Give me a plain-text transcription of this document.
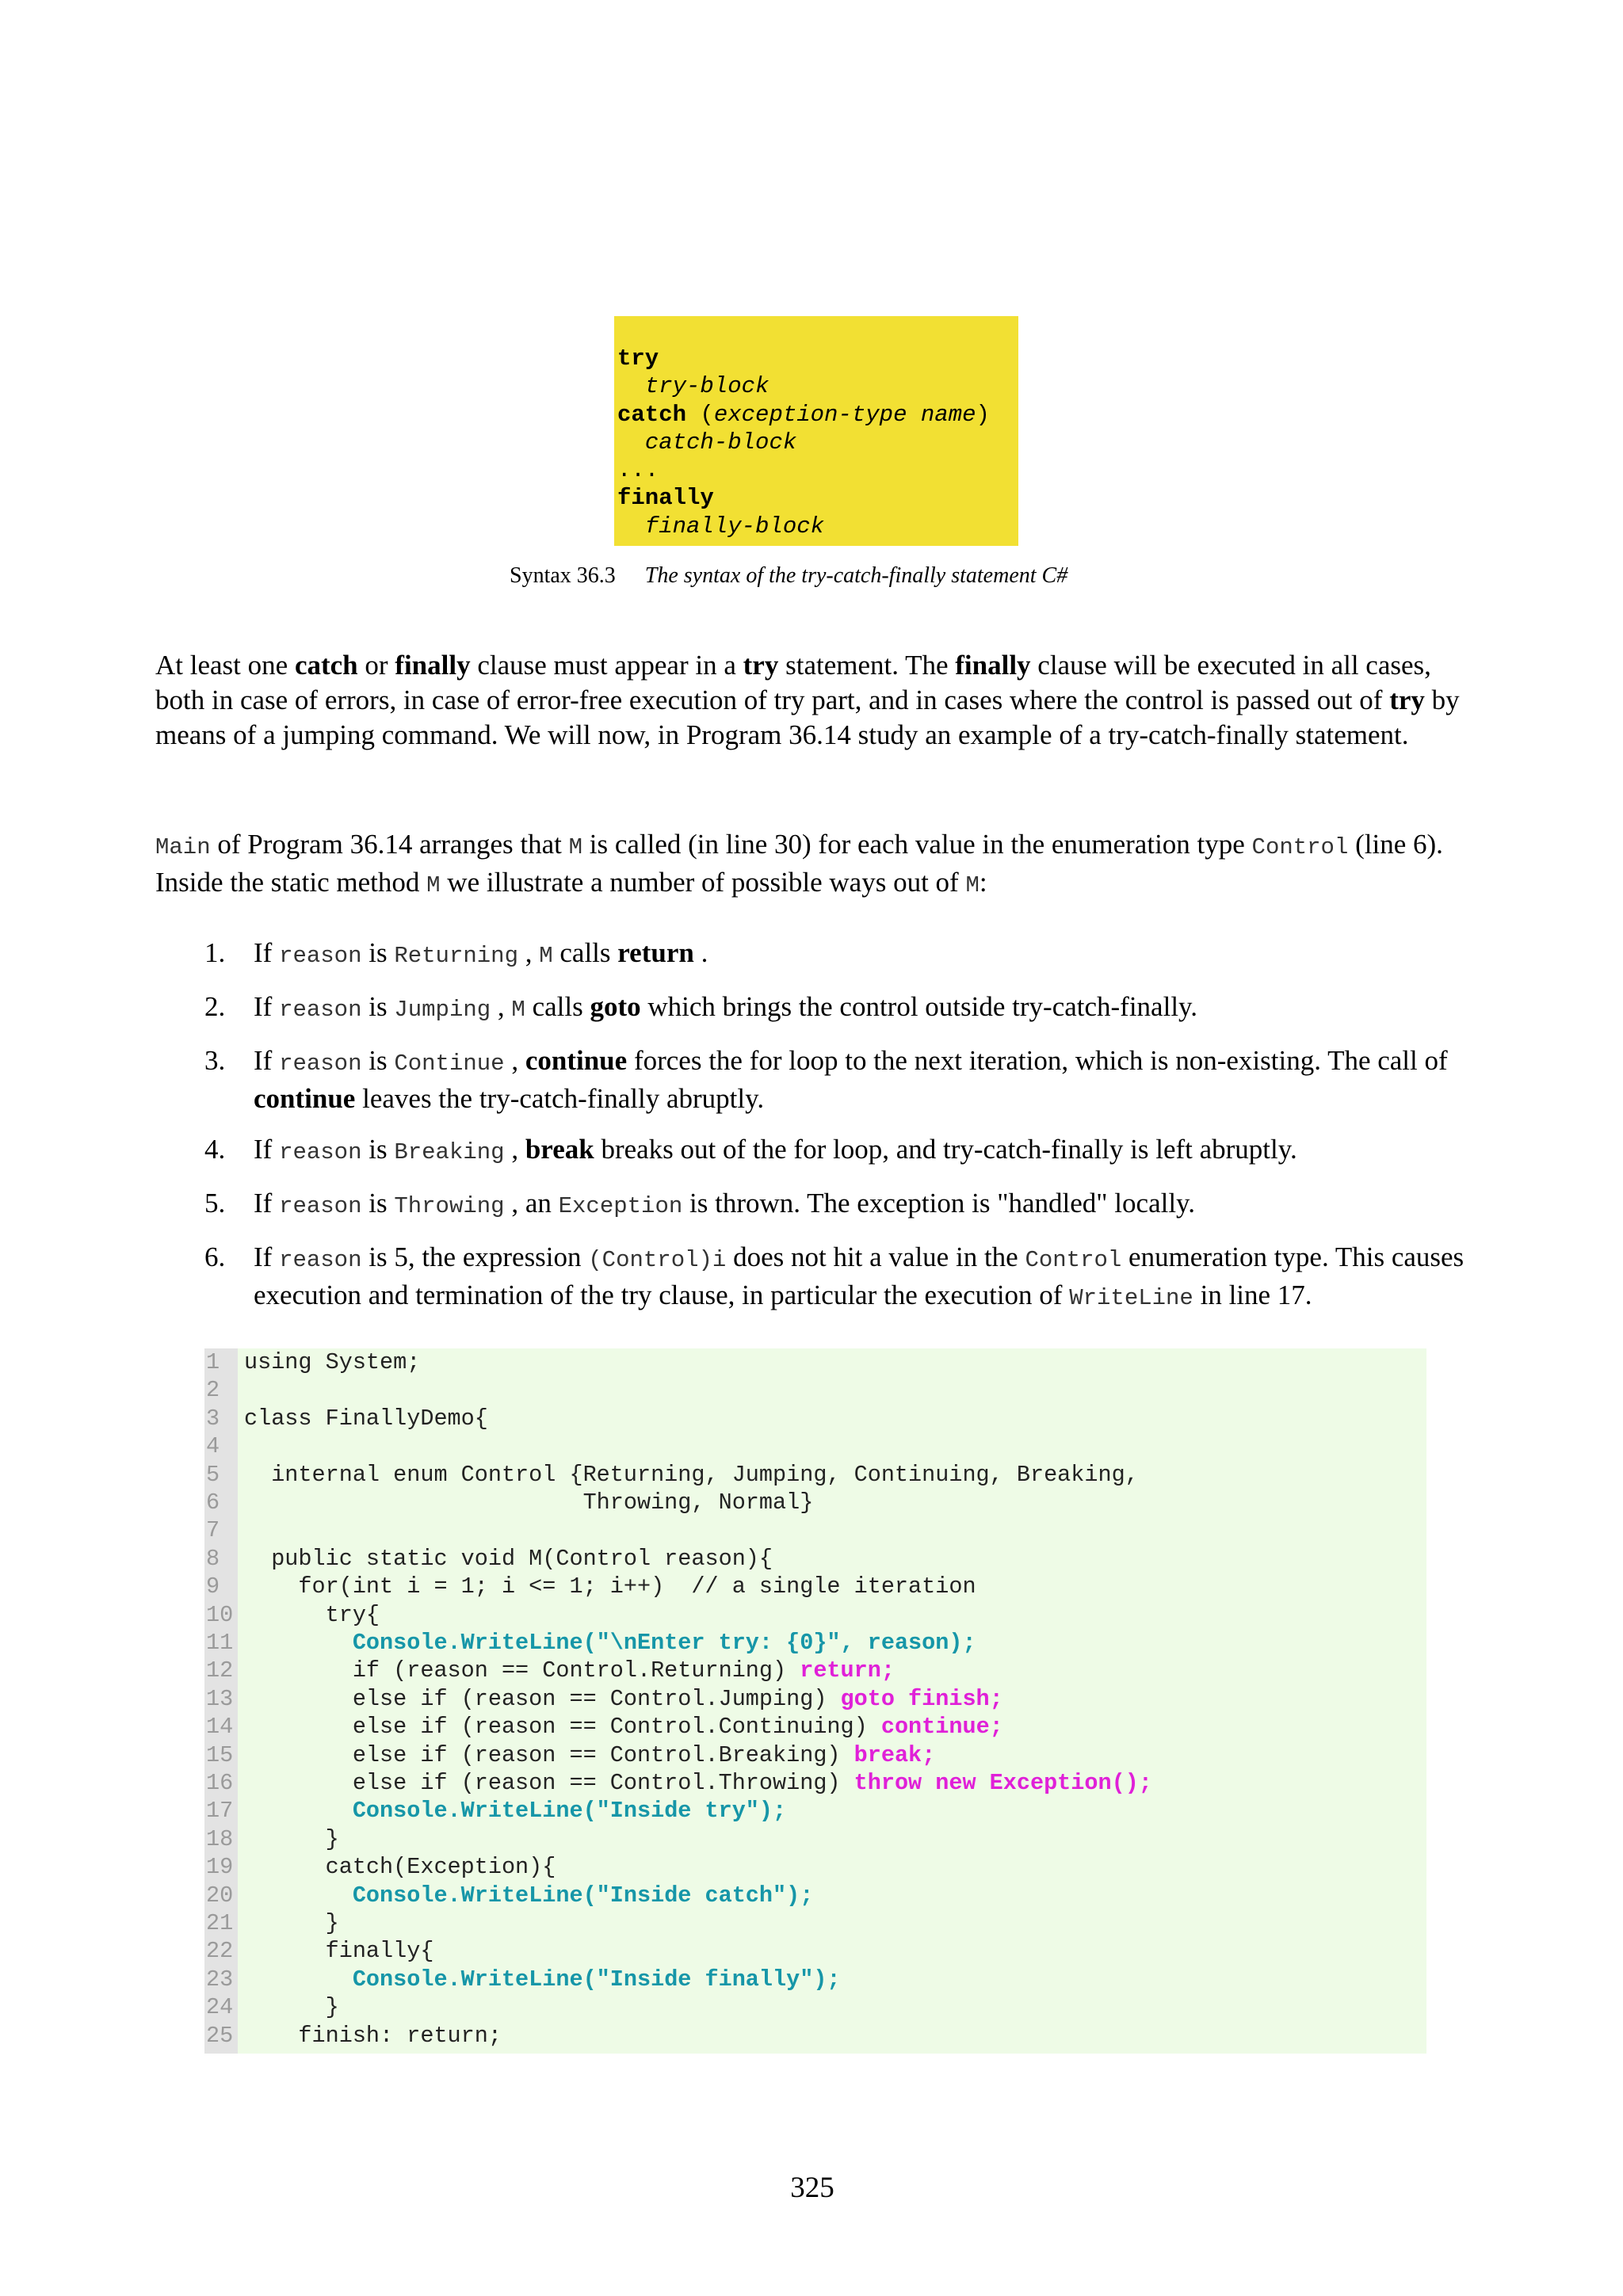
try
try-block
catch (exception-type name)
catch-block
...
finally
finally-block
Syntax 36.3 The syntax of the try-catch-finally statement C#
At least one catch or finally clause must appear in a try statement. The finally clause will be executed in all cases, both in case of errors, in case of error-free execution of try part, and in cases where the control is passed out of try by means of a jumping command. We will now, in Program 36.14 study an example of a try-catch-finally statement.
Main of Program 36.14 arranges that M is called (in line 30) for each value in the enumeration type Control (line 6). Inside the static method M we illustrate a number of possible ways out of M:
1. If reason is Returning , M calls return .
2. If reason is Jumping , M calls goto which brings the control outside try-catch-finally.
3. If reason is Continue , continue forces the for loop to the next iteration, which is non-existing. The call of continue leaves the try-catch-finally abruptly.
4. If reason is Breaking , break breaks out of the for loop, and try-catch-finally is left abruptly.
5. If reason is Throwing , an Exception is thrown. The exception is "handled" locally.
6. If reason is 5, the expression (Control)i does not hit a value in the Control enumeration type. This causes execution and termination of the try clause, in particular the execution of WriteLine in line 17.
1	using System;
2
3	class FinallyDemo{
4
5	internal enum Control {Returning, Jumping, Continuing, Breaking,
6	Throwing, Normal}
7
8	public static void M(Control reason){
9	for(int i = 1; i <= 1; i++)  // a single iteration
10 try{
11	Console.WriteLine("\nEnter try: {0}", reason);
12 if (reason == Control.Returning) return;
13 else if (reason == Control.Jumping) goto finish;
14 else if (reason == Control.Continuing) continue;
15 else if (reason == Control.Breaking) break;
16 else if (reason == Control.Throwing) throw new Exception();
17	Console.WriteLine("Inside try");
18 }
19 catch(Exception){
20	Console.WriteLine("Inside catch");
21 }
22 finally{
23	Console.WriteLine("Inside finally");
24 }
25 finish: return;
325
